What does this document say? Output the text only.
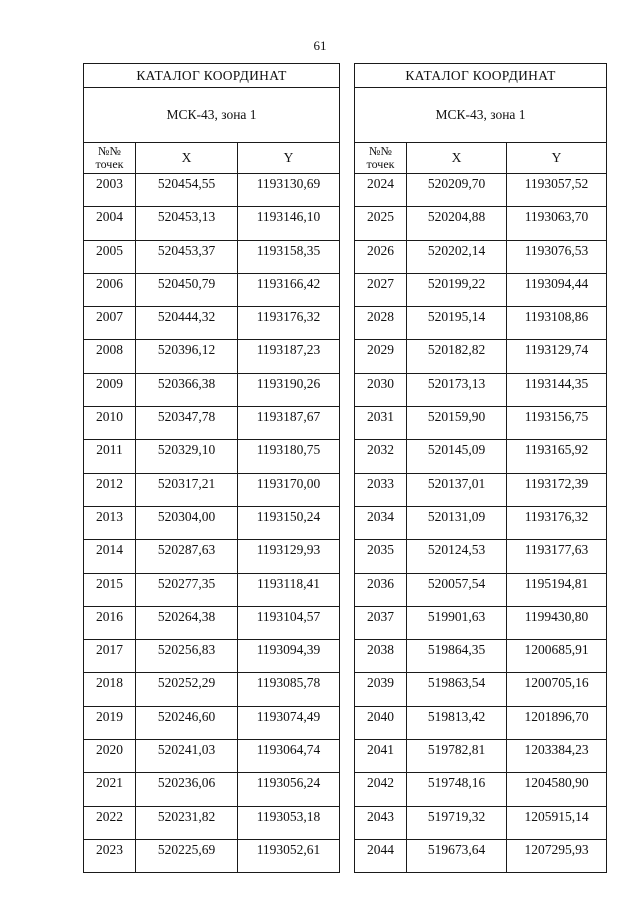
61
КАТАЛОГ КООРДИНАТ		
МСК-43, зона 1		
№№ точек	X	Y
2003	520454,55	1193130,69
2004	520453,13	1193146,10
2005	520453,37	1193158,35
2006	520450,79	1193166,42
2007	520444,32	1193176,32
2008	520396,12	1193187,23
2009	520366,38	1193190,26
2010	520347,78	1193187,67
2011	520329,10	1193180,75
2012	520317,21	1193170,00
2013	520304,00	1193150,24
2014	520287,63	1193129,93
2015	520277,35	1193118,41
2016	520264,38	1193104,57
2017	520256,83	1193094,39
2018	520252,29	1193085,78
2019	520246,60	1193074,49
2020	520241,03	1193064,74
2021	520236,06	1193056,24
2022	520231,82	1193053,18
2023	520225,69	1193052,61
КАТАЛОГ КООРДИНАТ		
МСК-43, зона 1		
№№ точек	X	Y
2024	520209,70	1193057,52
2025	520204,88	1193063,70
2026	520202,14	1193076,53
2027	520199,22	1193094,44
2028	520195,14	1193108,86
2029	520182,82	1193129,74
2030	520173,13	1193144,35
2031	520159,90	1193156,75
2032	520145,09	1193165,92
2033	520137,01	1193172,39
2034	520131,09	1193176,32
2035	520124,53	1193177,63
2036	520057,54	1195194,81
2037	519901,63	1199430,80
2038	519864,35	1200685,91
2039	519863,54	1200705,16
2040	519813,42	1201896,70
2041	519782,81	1203384,23
2042	519748,16	1204580,90
2043	519719,32	1205915,14
2044	519673,64	1207295,93
